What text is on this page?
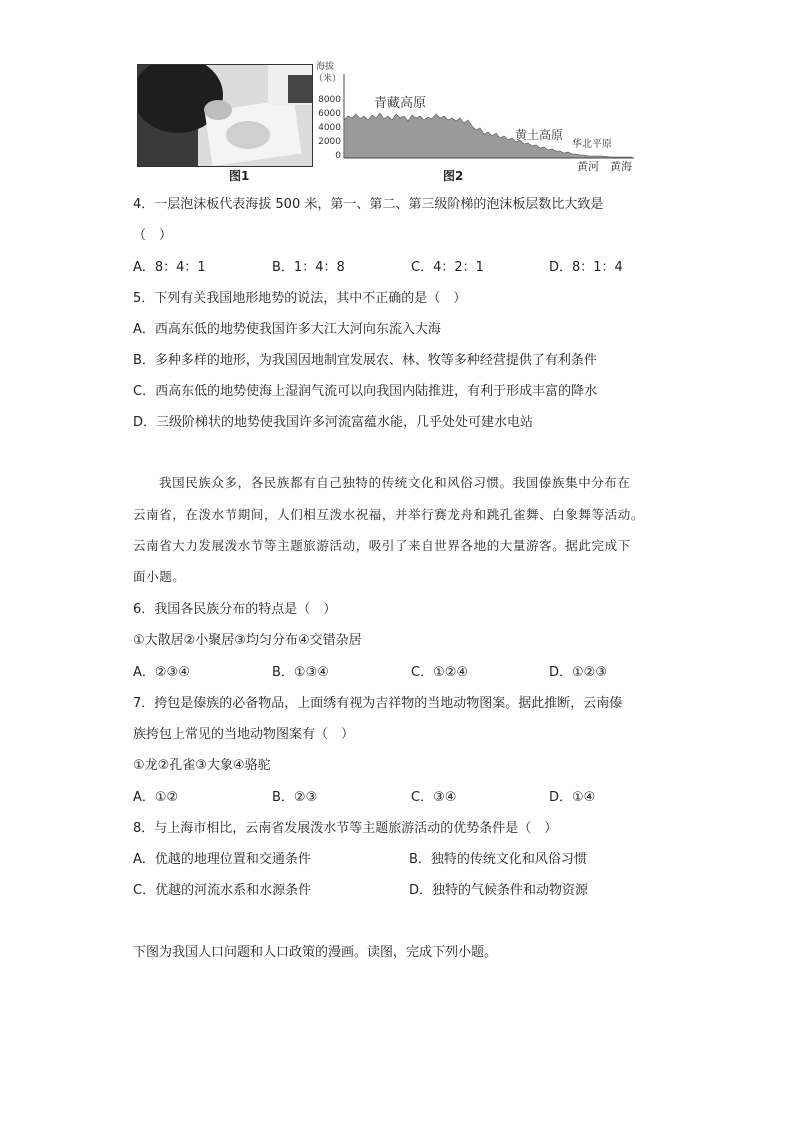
图1
海拔
（米）
8000
6000
4000
2000
0
青藏高原
黄土高原
华北平原
黄河 黄海
图2
4．一层泡沫板代表海拔 500 米，第一、第二、第三级阶梯的泡沫板层数比大致是
（　）
A．8：4：1	B．1：4：8	C．4：2：1	D．8：1：4
5．下列有关我国地形地势的说法，其中不正确的是（　）
A．西高东低的地势使我国许多大江大河向东流入大海
B．多种多样的地形，为我国因地制宜发展农、林、牧等多种经营提供了有利条件
C．西高东低的地势使海上湿润气流可以向我国内陆推进，有利于形成丰富的降水
D．三级阶梯状的地势使我国许多河流富蕴水能，几乎处处可建水电站
我国民族众多，各民族都有自己独特的传统文化和风俗习惯。我国傣族集中分布在
云南省，在泼水节期间，人们相互泼水祝福，并举行赛龙舟和跳孔雀舞、白象舞等活动。
云南省大力发展泼水节等主题旅游活动，吸引了来自世界各地的大量游客。据此完成下
面小题。
6．我国各民族分布的特点是（　）
①大散居②小聚居③均匀分布④交错杂居
A．②③④	B．①③④	C．①②④	D．①②③
7．挎包是傣族的必备物品，上面绣有视为吉祥物的当地动物图案。据此推断，云南傣
族挎包上常见的当地动物图案有（　）
①龙②孔雀③大象④骆驼
A．①②	B．②③	C．③④	D．①④
8．与上海市相比，云南省发展泼水节等主题旅游活动的优势条件是（　）
A．优越的地理位置和交通条件	B．独特的传统文化和风俗习惯
C．优越的河流水系和水源条件	D．独特的气候条件和动物资源
下图为我国人口问题和人口政策的漫画。读图，完成下列小题。
